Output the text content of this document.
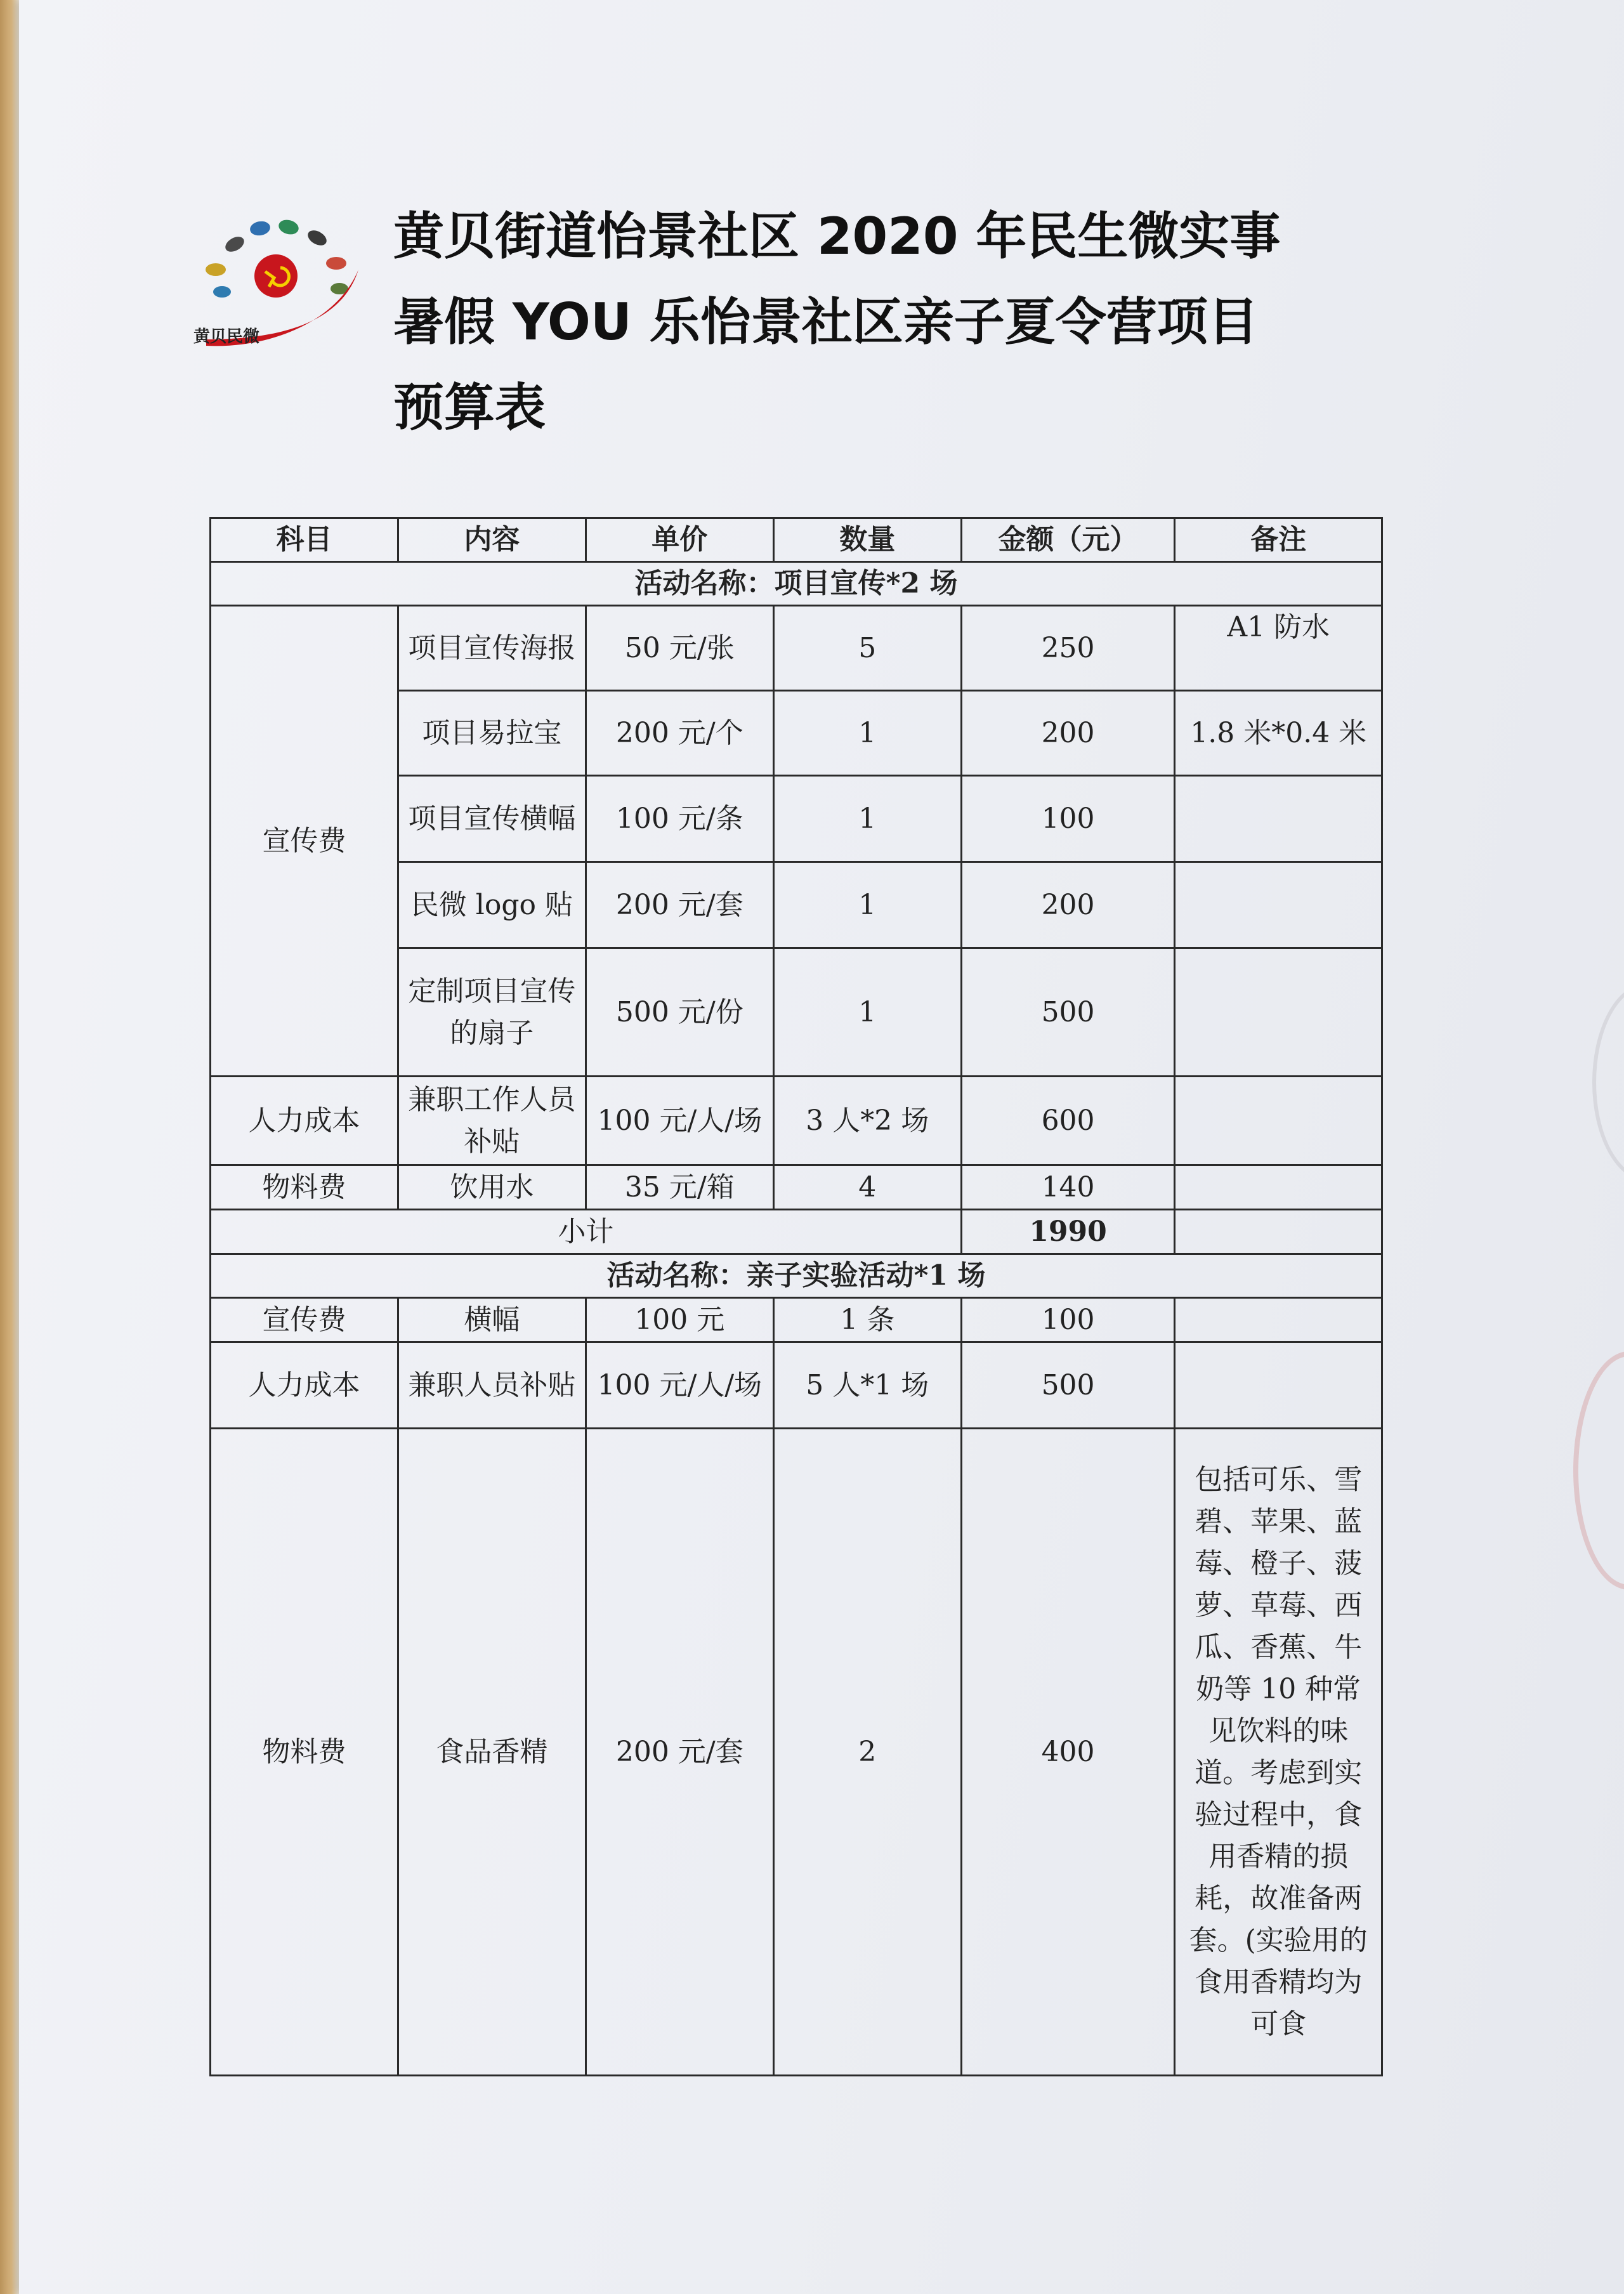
黄贝民微
黄贝街道怡景社区 2020 年民生微实事
暑假 YOU 乐怡景社区亲子夏令营项目
预算表
科目	内容	单价	数量	金额（元）	备注
活动名称：项目宣传*2 场					
宣传费	项目宣传海报	50 元/张	5	250	A1 防水
	项目易拉宝	200 元/个	1	200	1.8 米*0.4 米
	项目宣传横幅	100 元/条	1	100	
	民微 logo 贴	200 元/套	1	200	
	定制项目宣传的扇子	500 元/份	1	500	
人力成本	兼职工作人员补贴	100 元/人/场	3 人*2 场	600	
物料费	饮用水	35 元/箱	4	140	
小计				1990	
活动名称：亲子实验活动*1 场					
宣传费	横幅	100 元	1 条	100	
人力成本	兼职人员补贴	100 元/人/场	5 人*1 场	500	
物料费	食品香精	200 元/套	2	400	包括可乐、雪碧、苹果、蓝莓、橙子、菠萝、草莓、西瓜、香蕉、牛奶等 10 种常见饮料的味道。考虑到实验过程中，食用香精的损耗，故准备两套。(实验用的食用香精均为可食
